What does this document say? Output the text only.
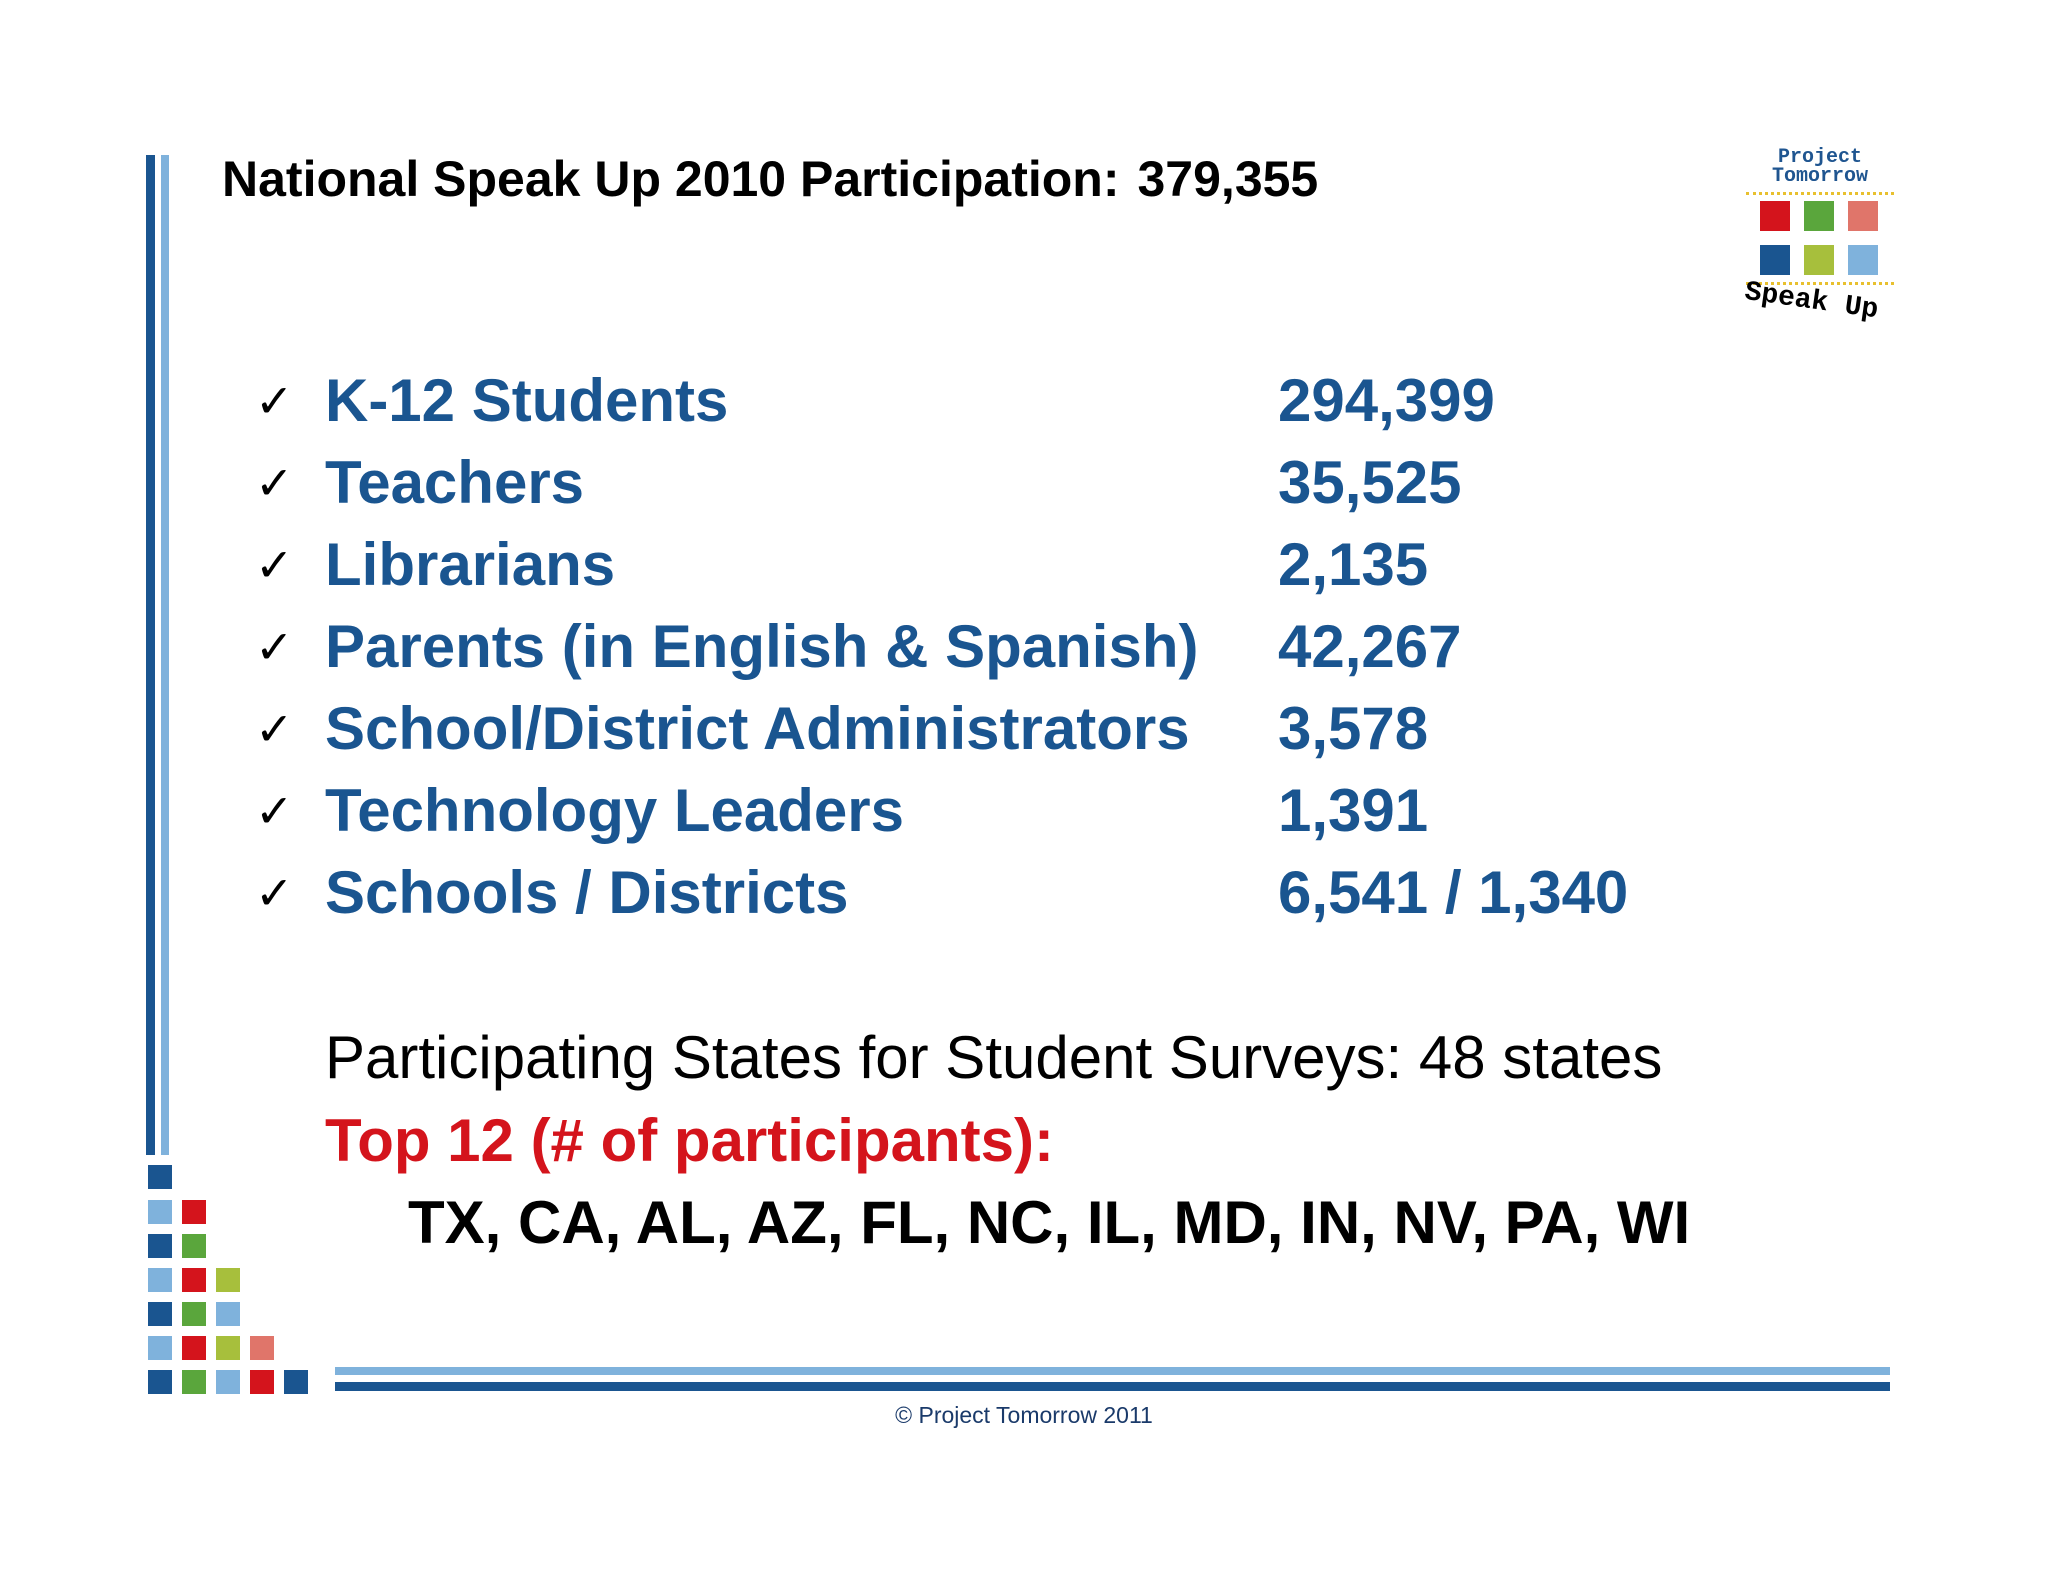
National Speak Up 2010 Participation: 379,355	Project
Tomorrow
Speak Up
✓ K-12 Students	294,399
✓ Teachers	35,525
✓ Librarians	2,135
✓ Parents (in English & Spanish) 42,267
✓ School/District Administrators 3,578
✓ Technology Leaders	1,391
✓ Schools / Districts	6,541 / 1,340
Participating States for Student Surveys: 48 states
Top 12 (# of participants):
TX, CA, AL, AZ, FL, NC, IL, MD, IN, NV, PA, WI
© Project Tomorrow 2011
